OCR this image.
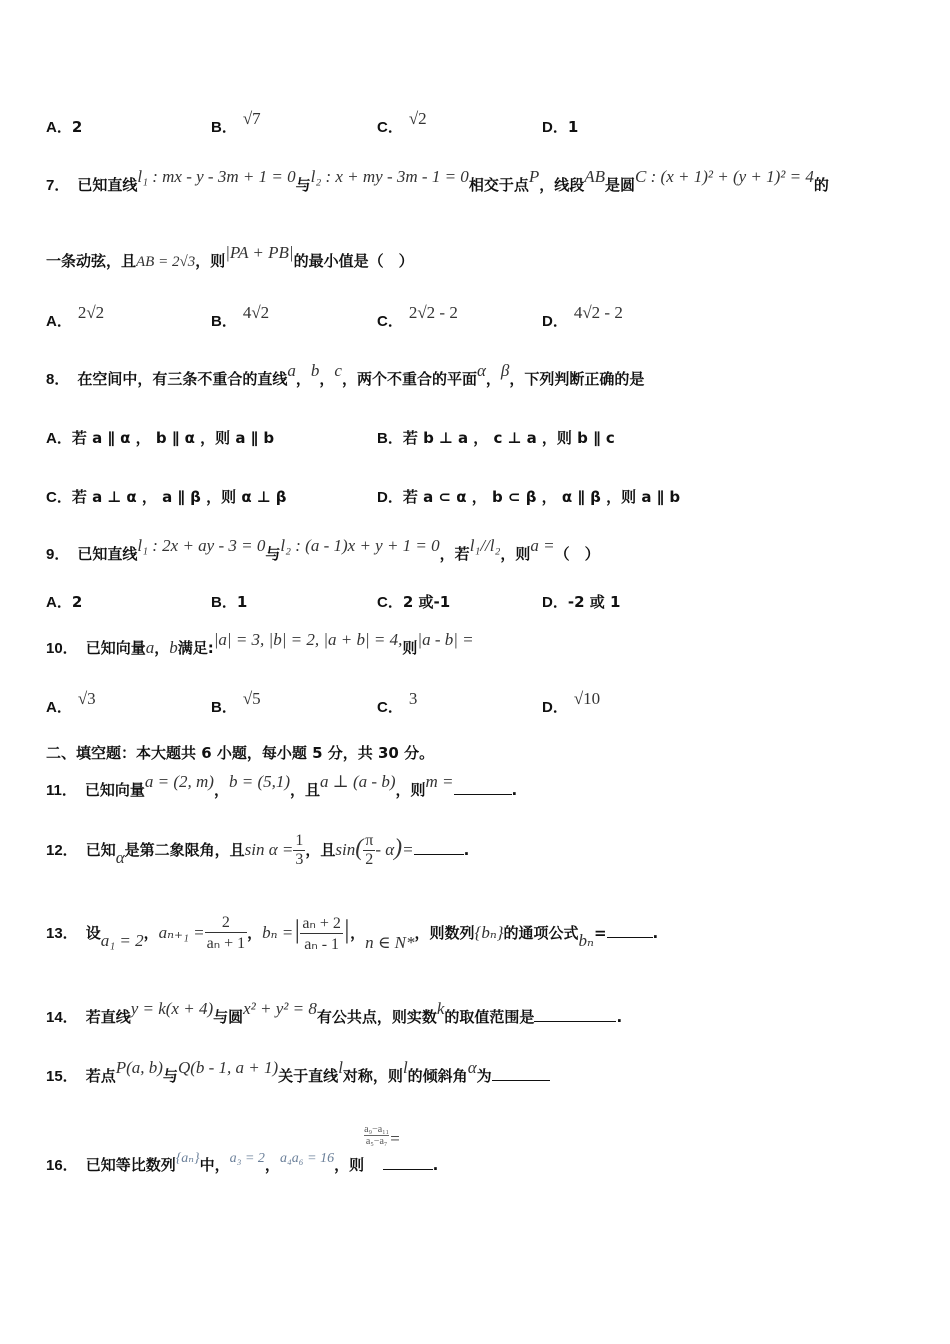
A．2	B． √7	C． √2	D．1
7． 已知直线l₁ : mx - y - 3m + 1 = 0与l₂ : x + my - 3m - 1 = 0相交于点P，线段AB是圆C : (x + 1)² + (y + 1)² = 4的
一条动弦，且AB = 2√3，则|PA + PB|的最小值是（　）
A． 2√2	B． 4√2	C． 2√2 - 2	D． 4√2 - 2
8． 在空间中，有三条不重合的直线a，b，c，两个不重合的平面α，β，下列判断正确的是
A．若 a ∥ α ， b ∥ α ，则 a ∥ b	B．若 b ⊥ a ， c ⊥ a ，则 b ∥ c
C．若 a ⊥ α ， a ∥ β ，则 α ⊥ β	D．若 a ⊂ α ， b ⊂ β ， α ∥ β ，则 a ∥ b
9． 已知直线l₁ : 2x + ay - 3 = 0与l₂ : (a - 1)x + y + 1 = 0，若l₁//l₂，则a =（　）
A．2	B．1	C．2 或-1	D．-2 或 1
10． 已知向量a，b满足:|a| = 3, |b| = 2, |a + b| = 4,则|a - b| =
A． √3	B． √5	C． 3	D． √10
二、填空题：本大题共 6 小题，每小题 5 分，共 30 分。
11． 已知向量a = (2, m)，b = (5,1)，且a ⊥ (a - b)，则m =	.
12． 已知α是第二象限角，且$\sin \alpha = \frac{1}{3}$ ，且$\sin( \frac{\pi}{2} - \alpha)=$	.
13． 设a₁ = 2，$a_{n+1} = \frac{2}{\text{aₙ + 1}}$ ，bₙ =| $\frac{\text{aₙ + 2}}{\text{aₙ - 1}}$ |，n ∈ N*，则数列{bₙ}的通项公式bₙ=	.
14． 若直线y = k(x + 4)与圆x² + y² = 8有公共点，则实数k的取值范围是	.
15． 若点P(a, b)与Q(b - 1, a + 1)关于直线l对称，则l的倾斜角α为
16． 已知等比数列{aₙ}中，a₃ = 2，a₄a₆ = 16，则
$\frac{\text{a₉−a₁₁}}{\text{a₅−a₇}}$ =.
